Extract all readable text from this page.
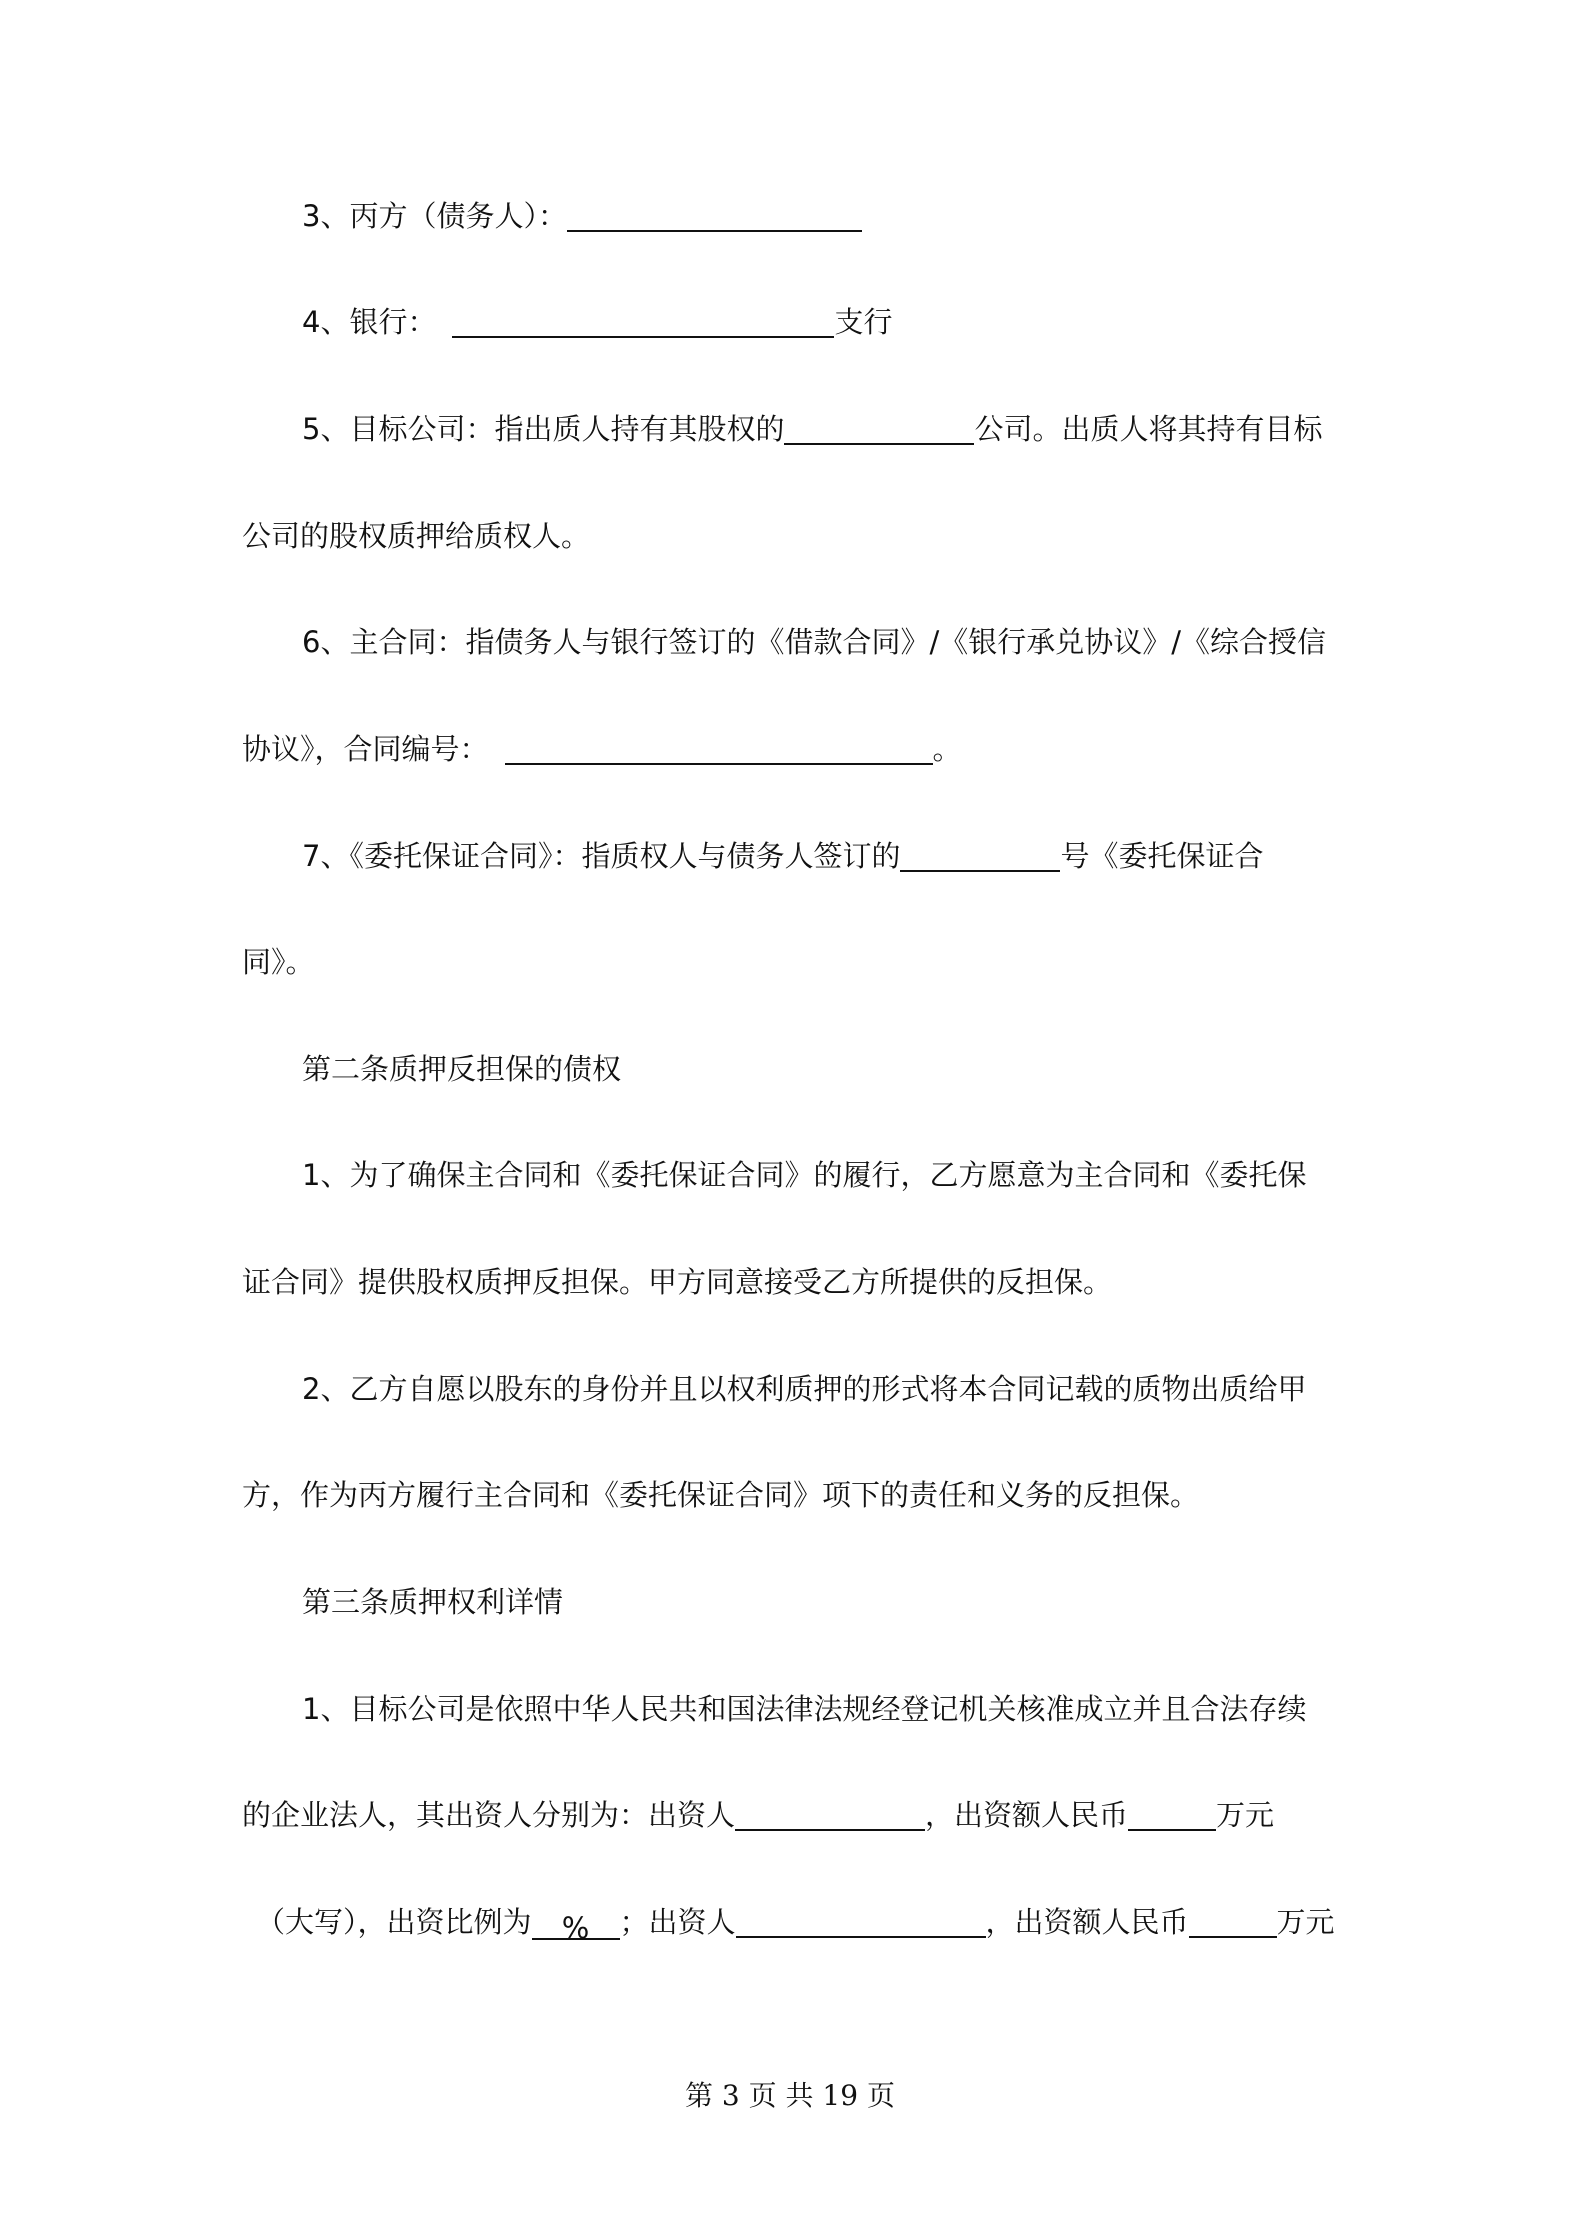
3、丙方（债务人）：
4、银行：	支行
5、目标公司：指出质人持有其股权的	公司。出质人将其持有目标
公司的股权质押给质权人。
6、主合同：指债务人与银行签订的《借款合同》/《银行承兑协议》/《综合授信
协议》，合同编号：	。
7、《委托保证合同》：指质权人与债务人签订的	号《委托保证合
同》。
第二条质押反担保的债权
1、为了确保主合同和《委托保证合同》的履行，乙方愿意为主合同和《委托保
证合同》提供股权质押反担保。甲方同意接受乙方所提供的反担保。
2、乙方自愿以股东的身份并且以权利质押的形式将本合同记载的质物出质给甲
方，作为丙方履行主合同和《委托保证合同》项下的责任和义务的反担保。
第三条质押权利详情
1、目标公司是依照中华人民共和国法律法规经登记机关核准成立并且合法存续
的企业法人，其出资人分别为：出资人	，出资额人民币	万元
（大写），出资比例为 % ；出资人	，出资额人民币	万元
第 3 页 共 19 页
